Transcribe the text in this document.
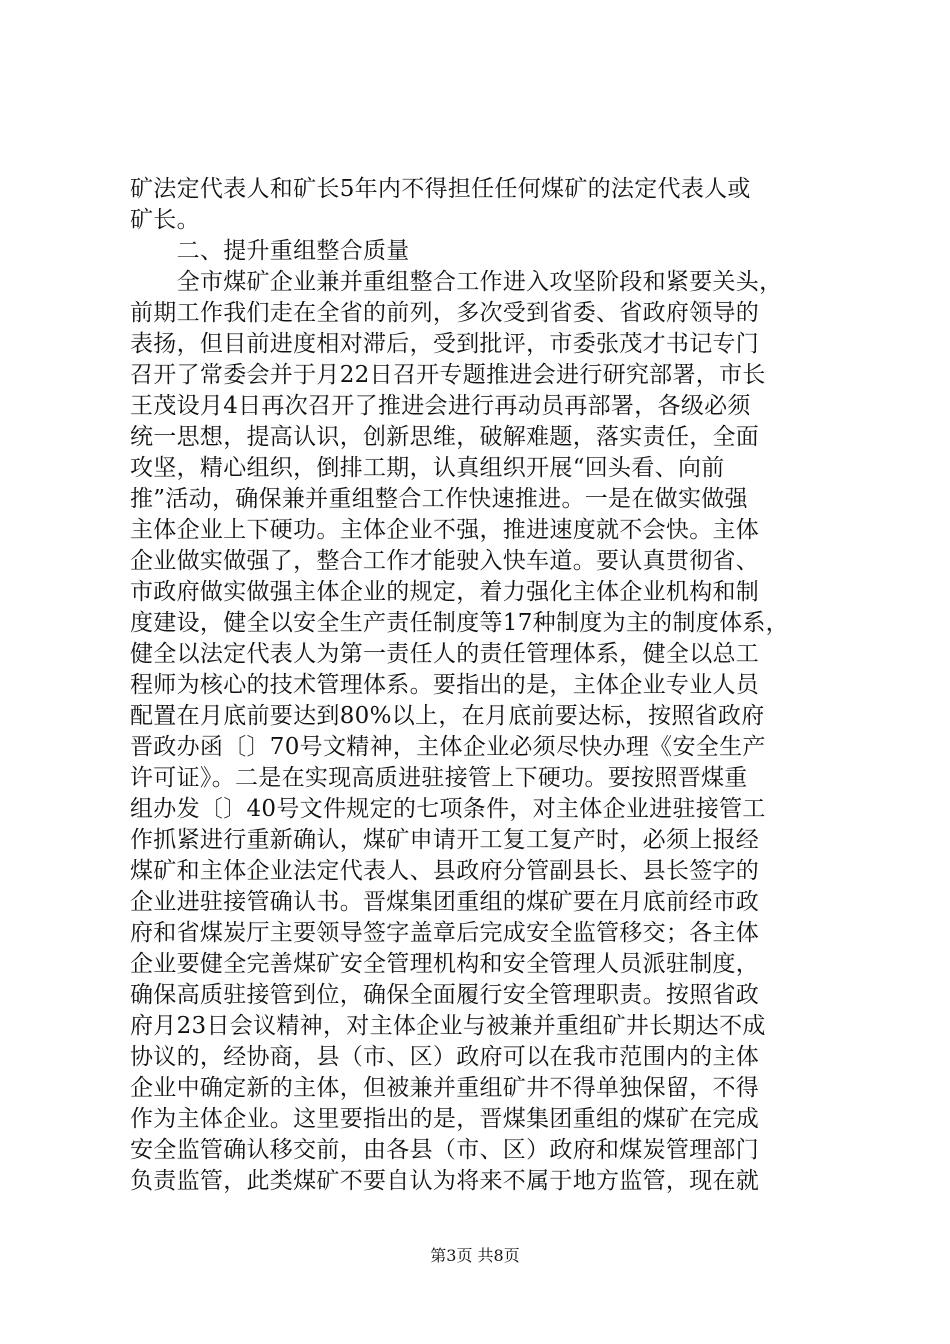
矿法定代表人和矿长5年内不得担任任何煤矿的法定代表人或
矿长。
　　二、提升重组整合质量
　　全市煤矿企业兼并重组整合工作进入攻坚阶段和紧要关头，
前期工作我们走在全省的前列，多次受到省委、省政府领导的
表扬，但目前进度相对滞后，受到批评，市委张茂才书记专门
召开了常委会并于月22日召开专题推进会进行研究部署，市长
王茂设月4日再次召开了推进会进行再动员再部署，各级必须
统一思想，提高认识，创新思维，破解难题，落实责任，全面
攻坚，精心组织，倒排工期，认真组织开展“回头看、向前
推”活动，确保兼并重组整合工作快速推进。一是在做实做强
主体企业上下硬功。主体企业不强，推进速度就不会快。主体
企业做实做强了，整合工作才能驶入快车道。要认真贯彻省、
市政府做实做强主体企业的规定，着力强化主体企业机构和制
度建设，健全以安全生产责任制度等17种制度为主的制度体系，
健全以法定代表人为第一责任人的责任管理体系，健全以总工
程师为核心的技术管理体系。要指出的是，主体企业专业人员
配置在月底前要达到80%以上，在月底前要达标，按照省政府
晋政办函〔〕70号文精神，主体企业必须尽快办理《安全生产
许可证》。二是在实现高质进驻接管上下硬功。要按照晋煤重
组办发〔〕40号文件规定的七项条件，对主体企业进驻接管工
作抓紧进行重新确认，煤矿申请开工复工复产时，必须上报经
煤矿和主体企业法定代表人、县政府分管副县长、县长签字的
企业进驻接管确认书。晋煤集团重组的煤矿要在月底前经市政
府和省煤炭厅主要领导签字盖章后完成安全监管移交；各主体
企业要健全完善煤矿安全管理机构和安全管理人员派驻制度，
确保高质驻接管到位，确保全面履行安全管理职责。按照省政
府月23日会议精神，对主体企业与被兼并重组矿井长期达不成
协议的，经协商，县（市、区）政府可以在我市范围内的主体
企业中确定新的主体，但被兼并重组矿井不得单独保留，不得
作为主体企业。这里要指出的是，晋煤集团重组的煤矿在完成
安全监管确认移交前，由各县（市、区）政府和煤炭管理部门
负责监管，此类煤矿不要自认为将来不属于地方监管，现在就
第3页 共8页
